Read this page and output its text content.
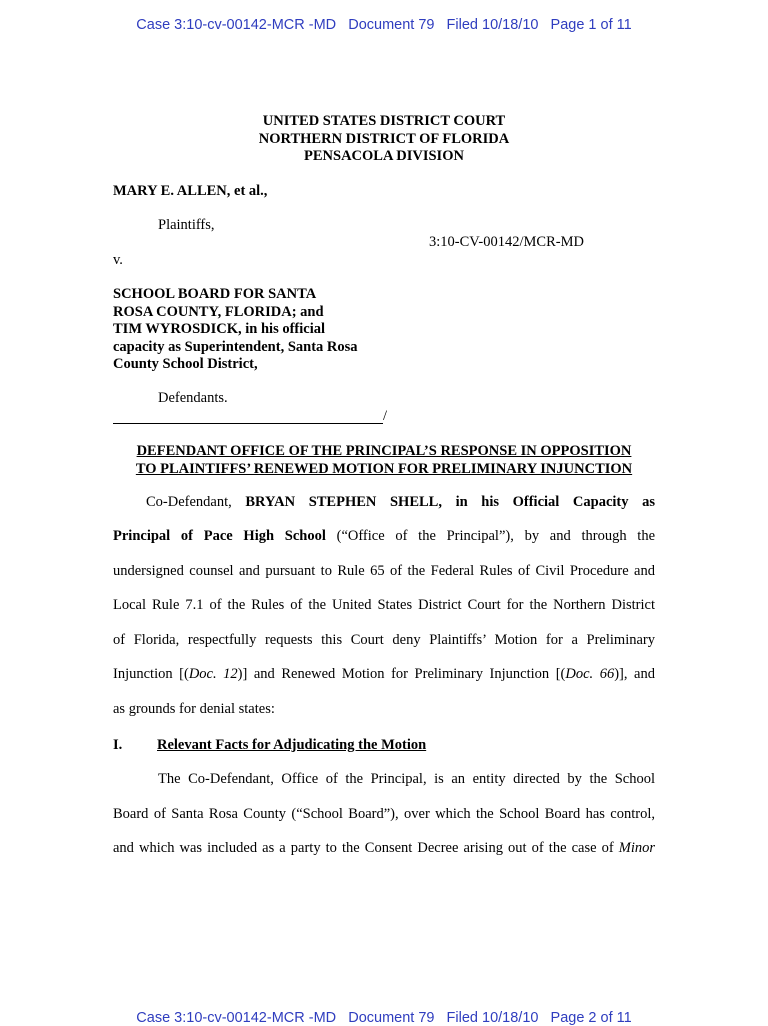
Case 3:10-cv-00142-MCR -MD   Document 79   Filed 10/18/10   Page 1 of 11
UNITED STATES DISTRICT COURT
NORTHERN DISTRICT OF FLORIDA
PENSACOLA DIVISION
MARY E. ALLEN, et al.,
Plaintiffs,
3:10-CV-00142/MCR-MD
v.
SCHOOL BOARD FOR SANTA
ROSA COUNTY, FLORIDA; and
TIM WYROSDICK, in his official
capacity as Superintendent, Santa Rosa
County School District,
Defendants.
/
DEFENDANT OFFICE OF THE PRINCIPAL’S RESPONSE IN OPPOSITION
TO PLAINTIFFS’ RENEWED MOTION FOR PRELIMINARY INJUNCTION
Co-Defendant, BRYAN STEPHEN SHELL, in his Official Capacity as
Principal of Pace High School (“Office of the Principal”), by and through the
undersigned counsel and pursuant to Rule 65 of the Federal Rules of Civil Procedure and
Local Rule 7.1 of the Rules of the United States District Court for the Northern District
of Florida, respectfully requests this Court deny Plaintiffs’ Motion for a Preliminary
Injunction [(Doc. 12)] and Renewed Motion for Preliminary Injunction [(Doc. 66)], and
as grounds for denial states:
I. Relevant Facts for Adjudicating the Motion
The Co-Defendant, Office of the Principal, is an entity directed by the School
Board of Santa Rosa County (“School Board”), over which the School Board has control,
and which was included as a party to the Consent Decree arising out of the case of Minor
Case 3:10-cv-00142-MCR -MD   Document 79   Filed 10/18/10   Page 2 of 11
